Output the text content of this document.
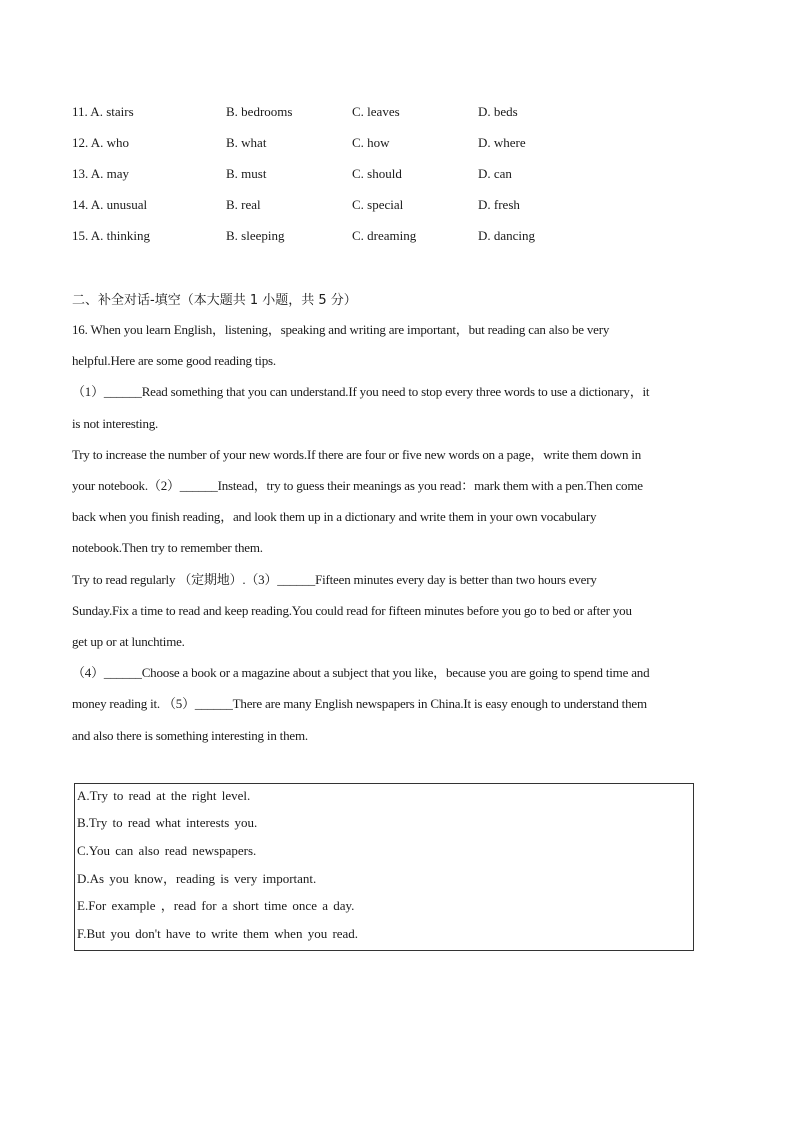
11. A. stairs	B. bedrooms	C. leaves	D. beds
12. A. who	B. what	C. how	D. where
13. A. may	B. must	C. should	D. can
14. A. unusual	B. real	C. special	D. fresh
15. A. thinking	B. sleeping	C. dreaming	D. dancing
二、补全对话-填空（本大题共 1 小题，共 5 分）
16. When you learn English，listening，speaking and writing are important，but reading can also be very
helpful.Here are some good reading tips.
（1）______Read something that you can understand.If you need to stop every three words to use a dictionary，it
is not interesting.
Try to increase the number of your new words.If there are four or five new words on a page，write them down in
your notebook.（2）______Instead，try to guess their meanings as you read：mark them with a pen.Then come
back when you finish reading，and look them up in a dictionary and write them in your own vocabulary
notebook.Then try to remember them.
Try to read regularly （定期地）.（3）______Fifteen minutes every day is better than two hours every
Sunday.Fix a time to read and keep reading.You could read for fifteen minutes before you go to bed or after you
get up or at lunchtime.
（4）______Choose a book or a magazine about a subject that you like，because you are going to spend time and
money reading it. （5）______There are many English newspapers in China.It is easy enough to understand them
and also there is something interesting in them.
A.Try to read at the right level.
B.Try to read what interests you.
C.You can also read newspapers.
D.As you know，reading is very important.
E.For example ，read for a short time once a day.
F.But you don't have to write them when you read.
